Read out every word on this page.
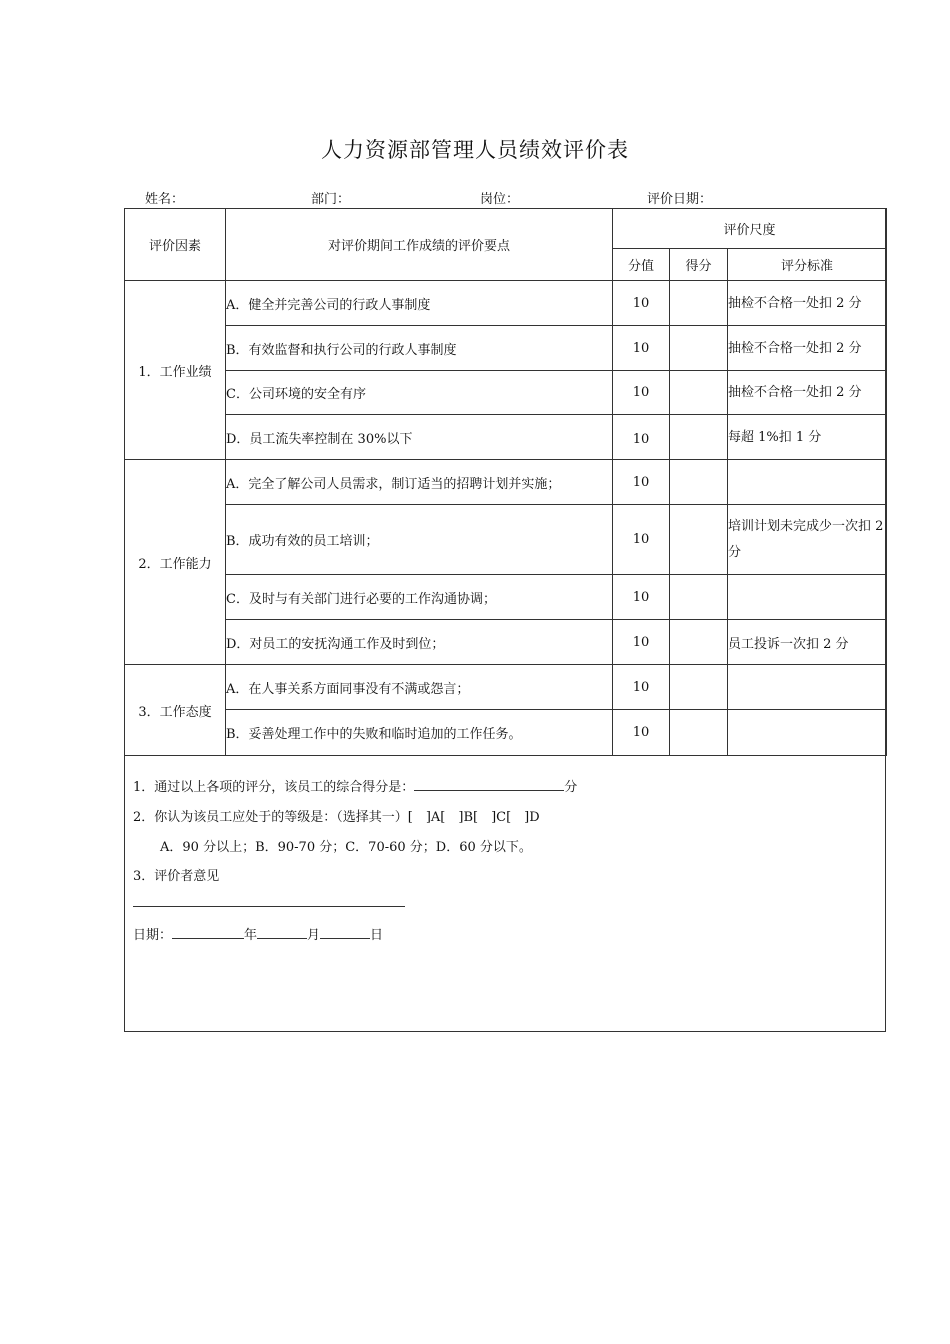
人力资源部管理人员绩效评价表
姓名：	部门：	岗位：	评价日期：
评价因素	对评价期间工作成绩的评价要点	评价尺度		
		分值	得分	评分标准
1．工作业绩	A．健全并完善公司的行政人事制度	10		抽检不合格一处扣 2 分
	B．有效监督和执行公司的行政人事制度	10		抽检不合格一处扣 2 分
	C．公司环境的安全有序	10		抽检不合格一处扣 2 分
	D．员工流失率控制在 30%以下	10		每超 1%扣 1 分
2．工作能力	A．完全了解公司人员需求，制订适当的招聘计划并实施；	10		
	B．成功有效的员工培训；	10		培训计划未完成少一次扣 2 分
	C．及时与有关部门进行必要的工作沟通协调；	10		
	D．对员工的安抚沟通工作及时到位；	10		员工投诉一次扣 2 分
3．工作态度	A．在人事关系方面同事没有不满或怨言；	10		
	B．妥善处理工作中的失败和临时追加的工作任务。	10		
1．通过以上各项的评分，该员工的综合得分是：	分
2．你认为该员工应处于的等级是：（选择其一）[　]A[　]B[　]C[　]D
A．90 分以上；B．90-70 分；C．70-60 分；D．60 分以下。
3．评价者意见
日期：	年	月	日
